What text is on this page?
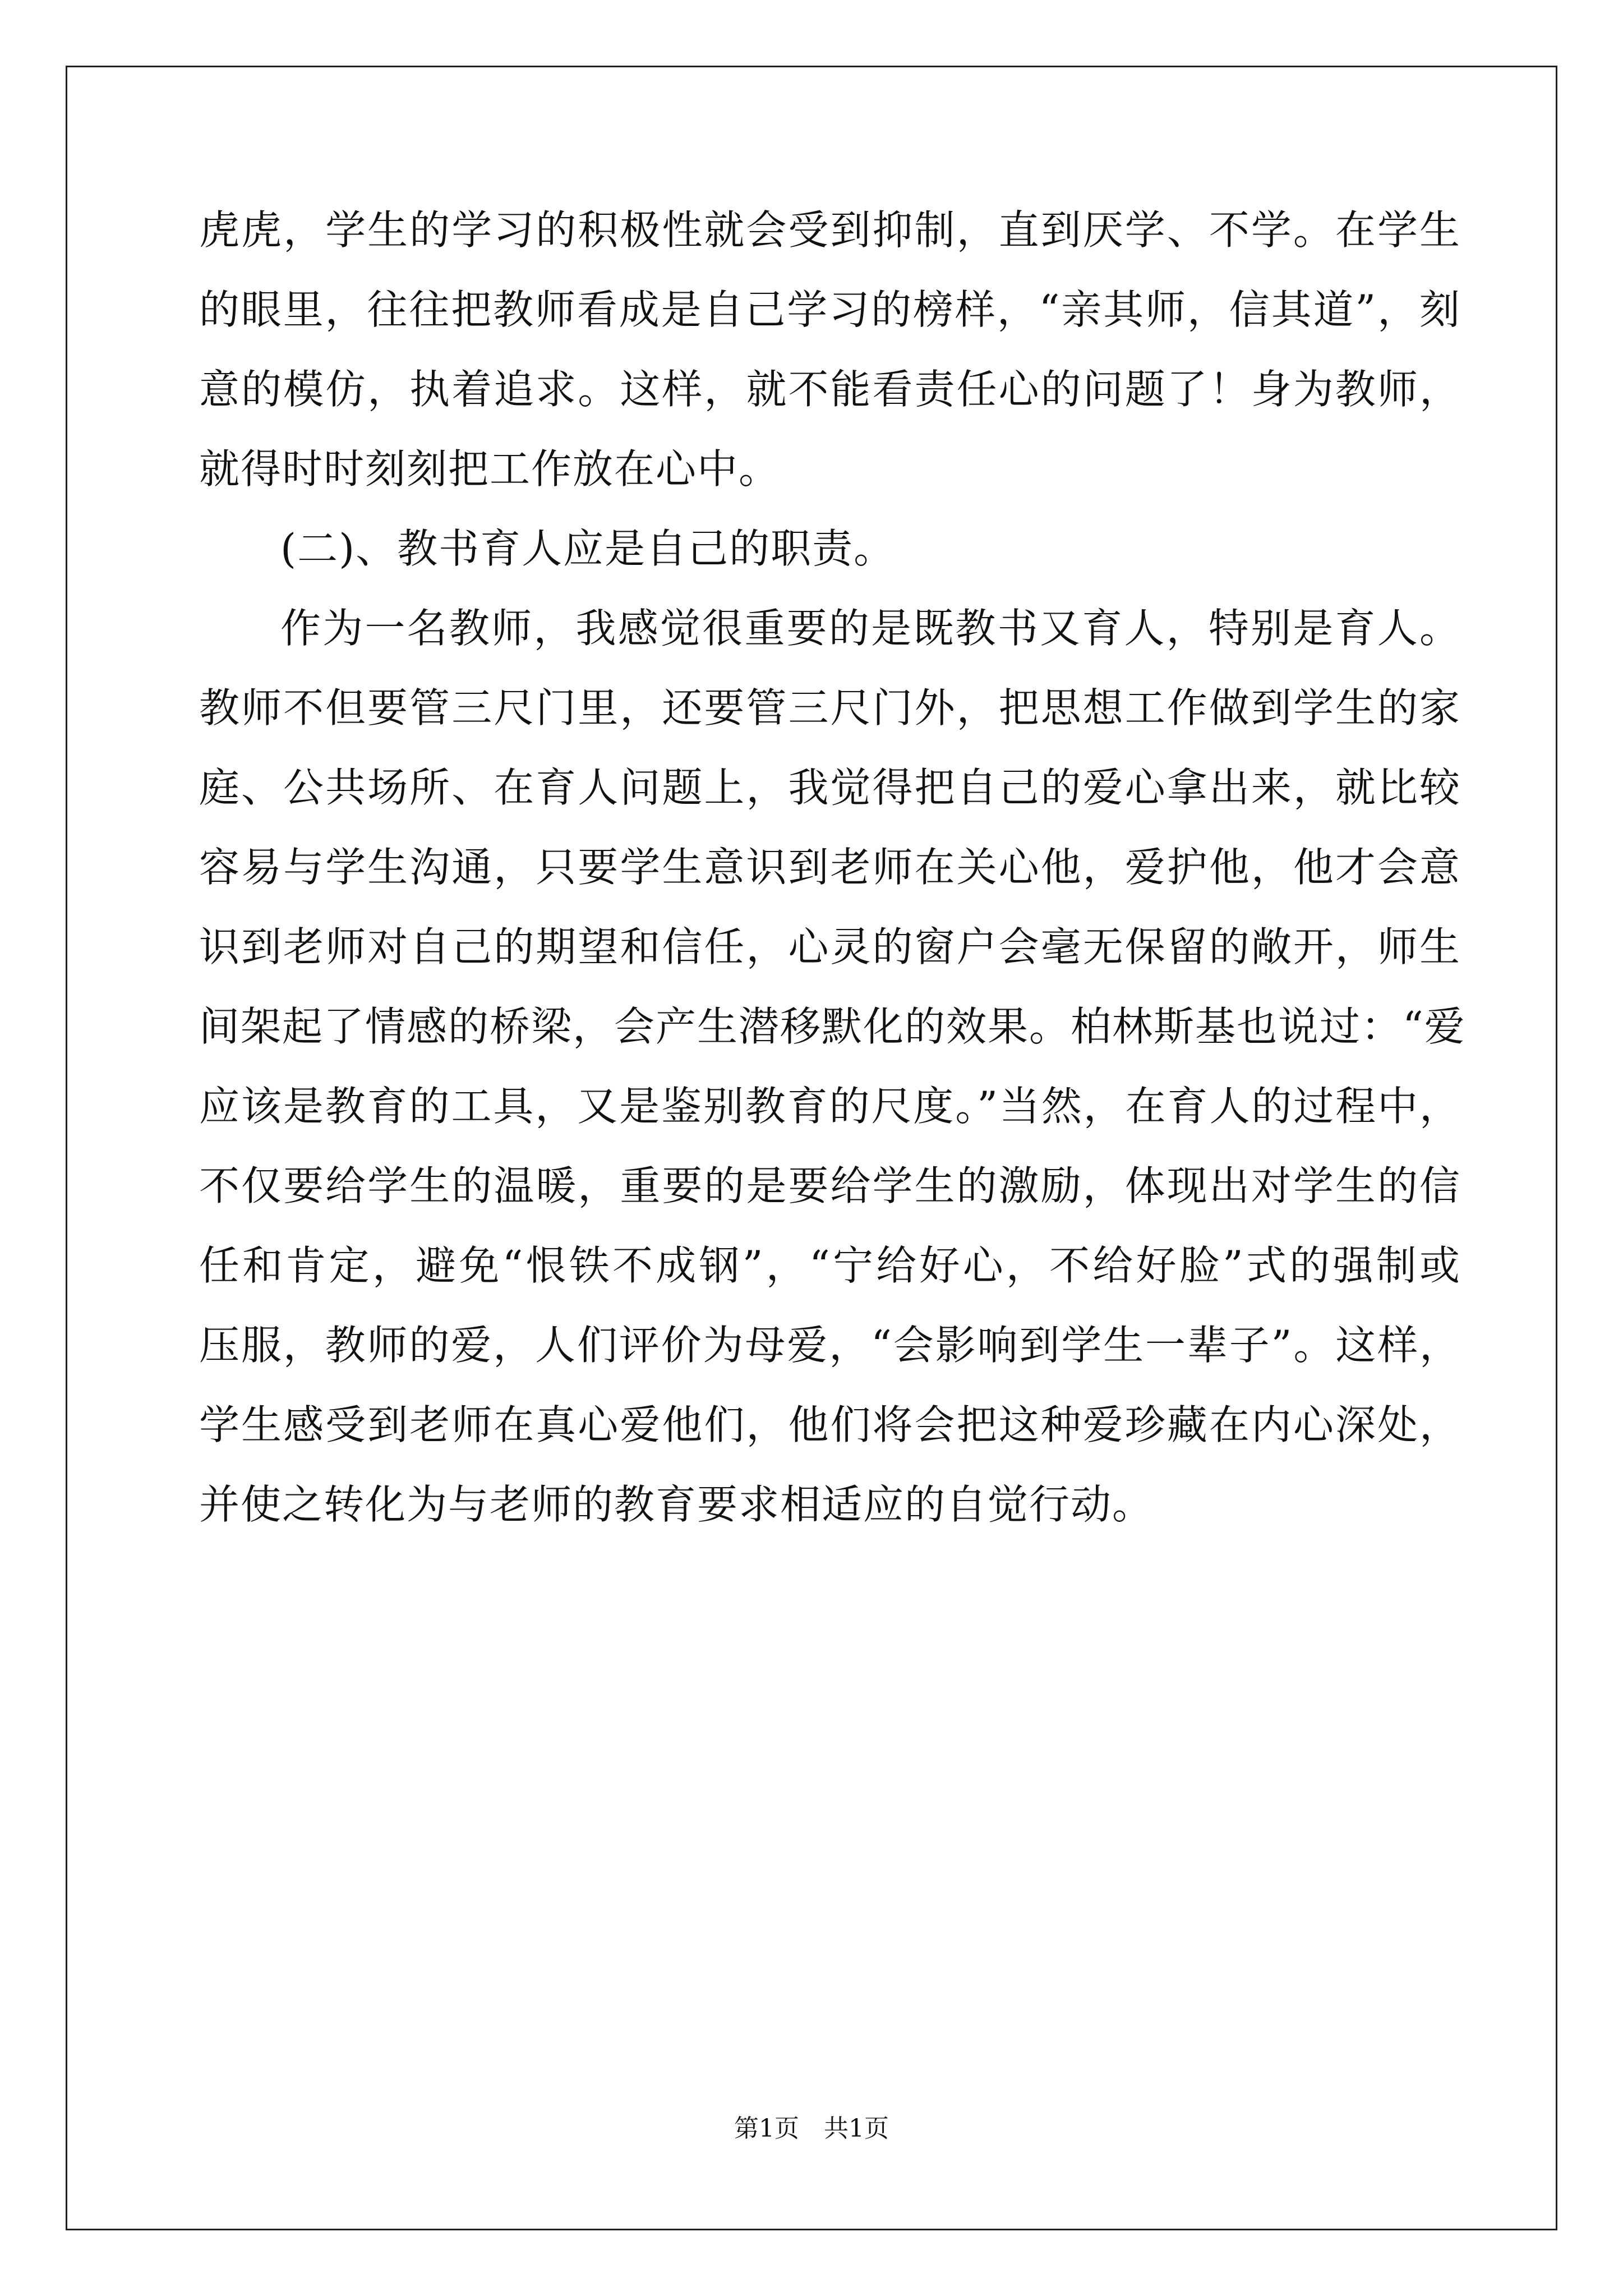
虎虎，学生的学习的积极性就会受到抑制，直到厌学、不学。在学生
的眼里，往往把教师看成是自己学习的榜样，“亲其师，信其道”，刻
意的模仿，执着追求。这样，就不能看责任心的问题了！身为教师，
就得时时刻刻把工作放在心中。
(二)、教书育人应是自己的职责。
作为一名教师，我感觉很重要的是既教书又育人，特别是育人。
教师不但要管三尺门里，还要管三尺门外，把思想工作做到学生的家
庭、公共场所、在育人问题上，我觉得把自己的爱心拿出来，就比较
容易与学生沟通，只要学生意识到老师在关心他，爱护他，他才会意
识到老师对自己的期望和信任，心灵的窗户会毫无保留的敞开，师生
间架起了情感的桥梁，会产生潜移默化的效果。柏林斯基也说过：“爱
应该是教育的工具，又是鉴别教育的尺度。”当然，在育人的过程中，
不仅要给学生的温暖，重要的是要给学生的激励，体现出对学生的信
任和肯定，避免“恨铁不成钢”，“宁给好心，不给好脸”式的强制或
压服，教师的爱，人们评价为母爱，“会影响到学生一辈子”。这样，
学生感受到老师在真心爱他们，他们将会把这种爱珍藏在内心深处，
并使之转化为与老师的教育要求相适应的自觉行动。
第1页　共1页
